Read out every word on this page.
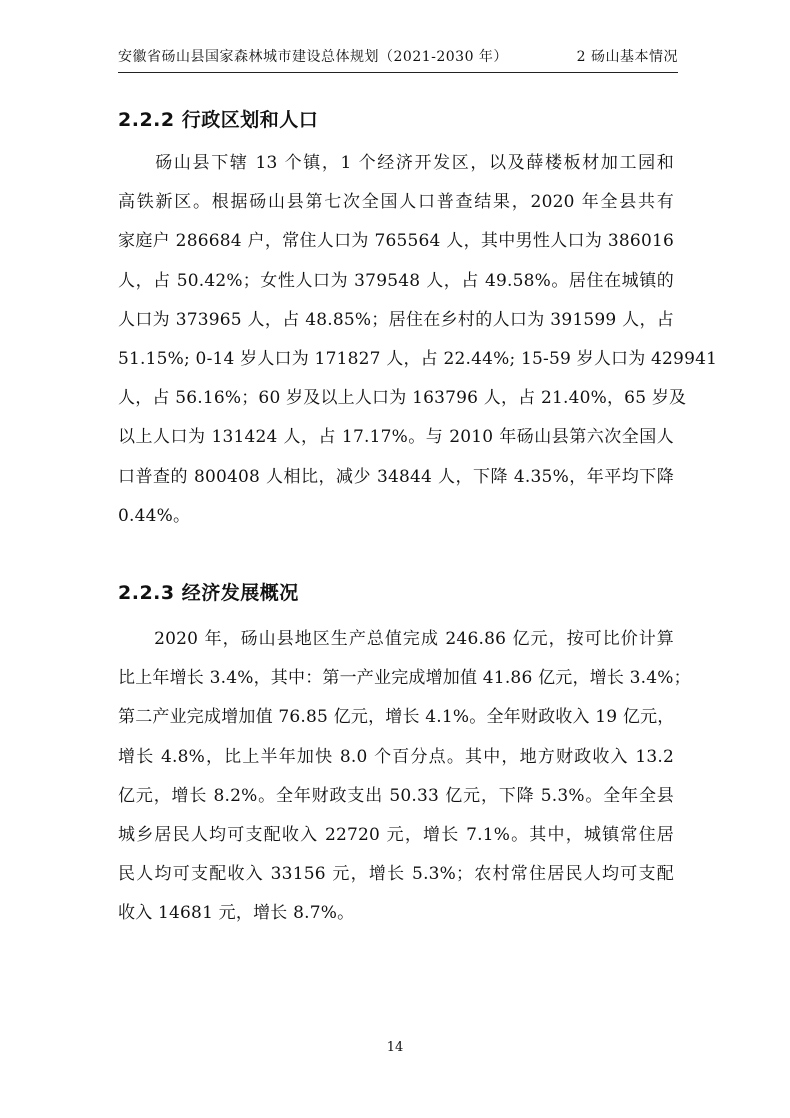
安徽省砀山县国家森林城市建设总体规划（2021-2030 年）	2 砀山基本情况
2.2.2 行政区划和人口
　　砀山县下辖 13 个镇，1 个经济开发区，以及薛楼板材加工园和
高铁新区。根据砀山县第七次全国人口普查结果，2020 年全县共有
家庭户 286684 户，常住人口为 765564 人，其中男性人口为 386016
人，占 50.42%；女性人口为 379548 人，占 49.58%。居住在城镇的
人口为 373965 人，占 48.85%；居住在乡村的人口为 391599 人，占
51.15%; 0-14 岁人口为 171827 人，占 22.44%; 15-59 岁人口为 429941
人，占 56.16%；60 岁及以上人口为 163796 人，占 21.40%，65 岁及
以上人口为 131424 人，占 17.17%。与 2010 年砀山县第六次全国人
口普查的 800408 人相比，减少 34844 人，下降 4.35%，年平均下降
0.44%。
2.2.3 经济发展概况
　　2020 年，砀山县地区生产总值完成 246.86 亿元，按可比价计算
比上年增长 3.4%，其中：第一产业完成增加值 41.86 亿元，增长 3.4%；
第二产业完成增加值 76.85 亿元，增长 4.1%。全年财政收入 19 亿元，
增长 4.8%，比上半年加快 8.0 个百分点。其中，地方财政收入 13.2
亿元，增长 8.2%。全年财政支出 50.33 亿元，下降 5.3%。全年全县
城乡居民人均可支配收入 22720 元，增长 7.1%。其中，城镇常住居
民人均可支配收入 33156 元，增长 5.3%；农村常住居民人均可支配
收入 14681 元，增长 8.7%。
14
